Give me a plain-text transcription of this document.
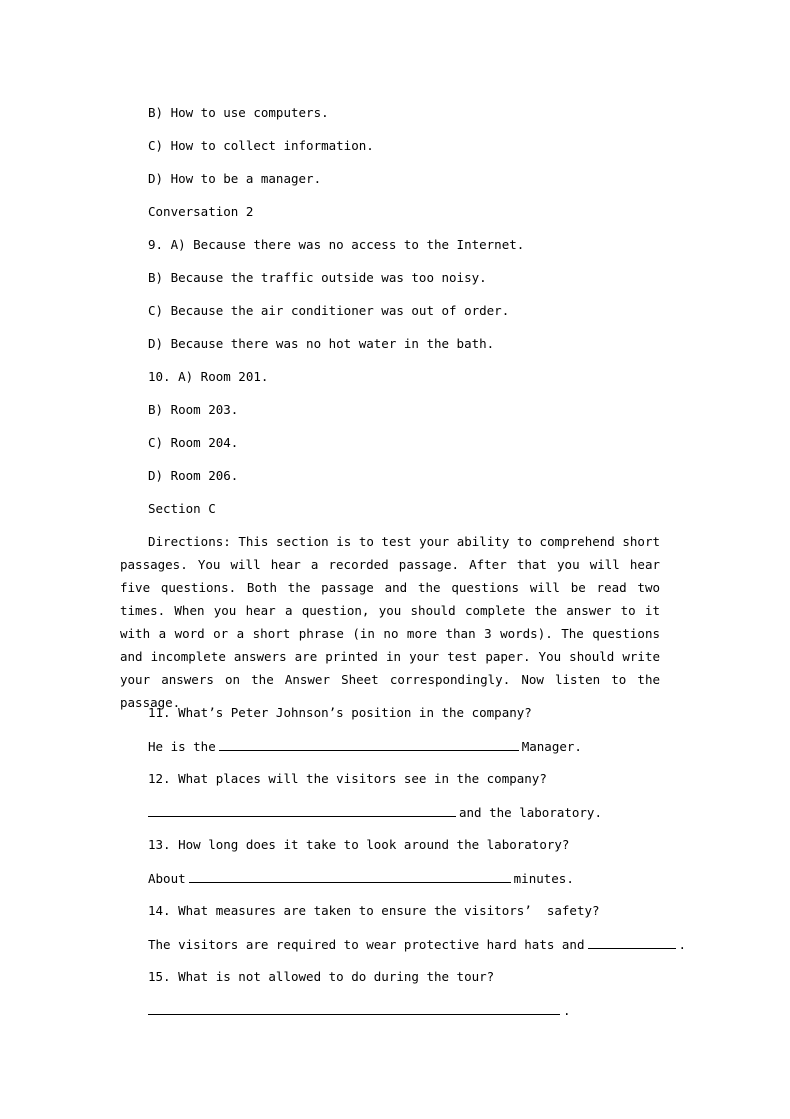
B) How to use computers.
C) How to collect information.
D) How to be a manager.
Conversation 2
9. A) Because there was no access to the Internet.
B) Because the traffic outside was too noisy.
C) Because the air conditioner was out of order.
D) Because there was no hot water in the bath.
10. A) Room 201.
B) Room 203.
C) Room 204.
D) Room 206.
Section C
Directions: This section is to test your ability to comprehend short passages. You will hear a recorded passage. After that you will hear five questions. Both the passage and the questions will be read two times. When you hear a question, you should complete the answer to it with a word or a short phrase (in no more than 3 words). The questions and incomplete answers are printed in your test paper. You should write your answers on the Answer Sheet correspondingly. Now listen to the passage.
11. What’s Peter Johnson’s position in the company?
He is the	Manager.
12. What places will the visitors see in the company?
and the laboratory.
13. How long does it take to look around the laboratory?
About	minutes.
14. What measures are taken to ensure the visitors’  safety?
The visitors are required to wear protective hard hats and	.
15. What is not allowed to do during the tour?
.
